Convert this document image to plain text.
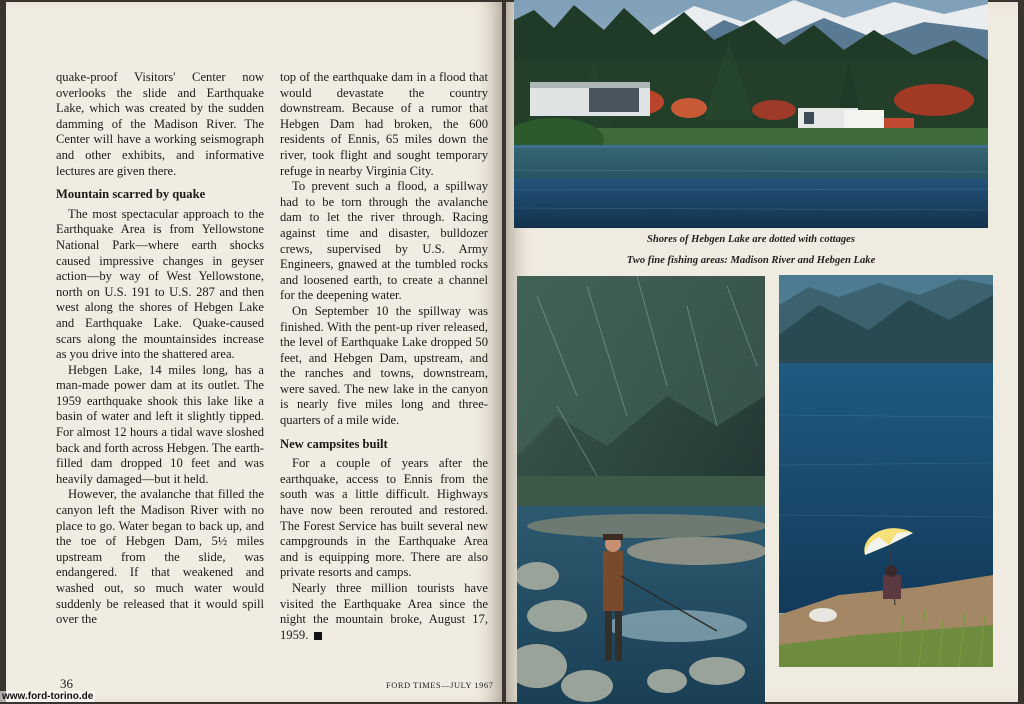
quake-proof Visitors' Center now overlooks the slide and Earthquake Lake, which was created by the sudden damming of the Madison River. The Center will have a working seismograph and other exhibits, and informative lectures are given there.

Mountain scarred by quake

The most spectacular approach to the Earthquake Area is from Yellowstone National Park—where earth shocks caused impressive changes in geyser action—by way of West Yellowstone, north on U.S. 191 to U.S. 287 and then west along the shores of Hebgen Lake and Earthquake Lake. Quake-caused scars along the mountainsides increase as you drive into the shattered area.

Hebgen Lake, 14 miles long, has a man-made power dam at its outlet. The 1959 earthquake shook this lake like a basin of water and left it slightly tipped. For almost 12 hours a tidal wave sloshed back and forth across Hebgen. The earth-filled dam dropped 10 feet and was heavily damaged—but it held.

However, the avalanche that filled the canyon left the Madison River with no place to go. Water began to back up, and the toe of Hebgen Dam, 5½ miles upstream from the slide, was endangered. If that weakened and washed out, so much water would suddenly be released that it would spill over the

top of the earthquake dam in a flood that would devastate the country downstream. Because of a rumor that Hebgen Dam had broken, the 600 residents of Ennis, 65 miles down the river, took flight and sought temporary refuge in nearby Virginia City.

To prevent such a flood, a spillway had to be torn through the avalanche dam to let the river through. Racing against time and disaster, bulldozer crews, supervised by U.S. Army Engineers, gnawed at the tumbled rocks and loosened earth, to create a channel for the deepening water.

On September 10 the spillway was finished. With the pent-up river released, the level of Earthquake Lake dropped 50 feet, and Hebgen Dam, upstream, and the ranches and towns, downstream, were saved. The new lake in the canyon is nearly five miles long and three-quarters of a mile wide.

New campsites built

For a couple of years after the earthquake, access to Ennis from the south was a little difficult. Highways have now been rerouted and restored. The Forest Service has built several new campgrounds in the Earthquake Area and is equipping more. There are also private resorts and camps.

Nearly three million tourists have visited the Earthquake Area since the night the mountain broke, August 17, 1959.

36	FORD TIMES—JULY 1967
www.ford-torino.de
Shores of Hebgen Lake are dotted with cottages
Two fine fishing areas: Madison River and Hebgen Lake
